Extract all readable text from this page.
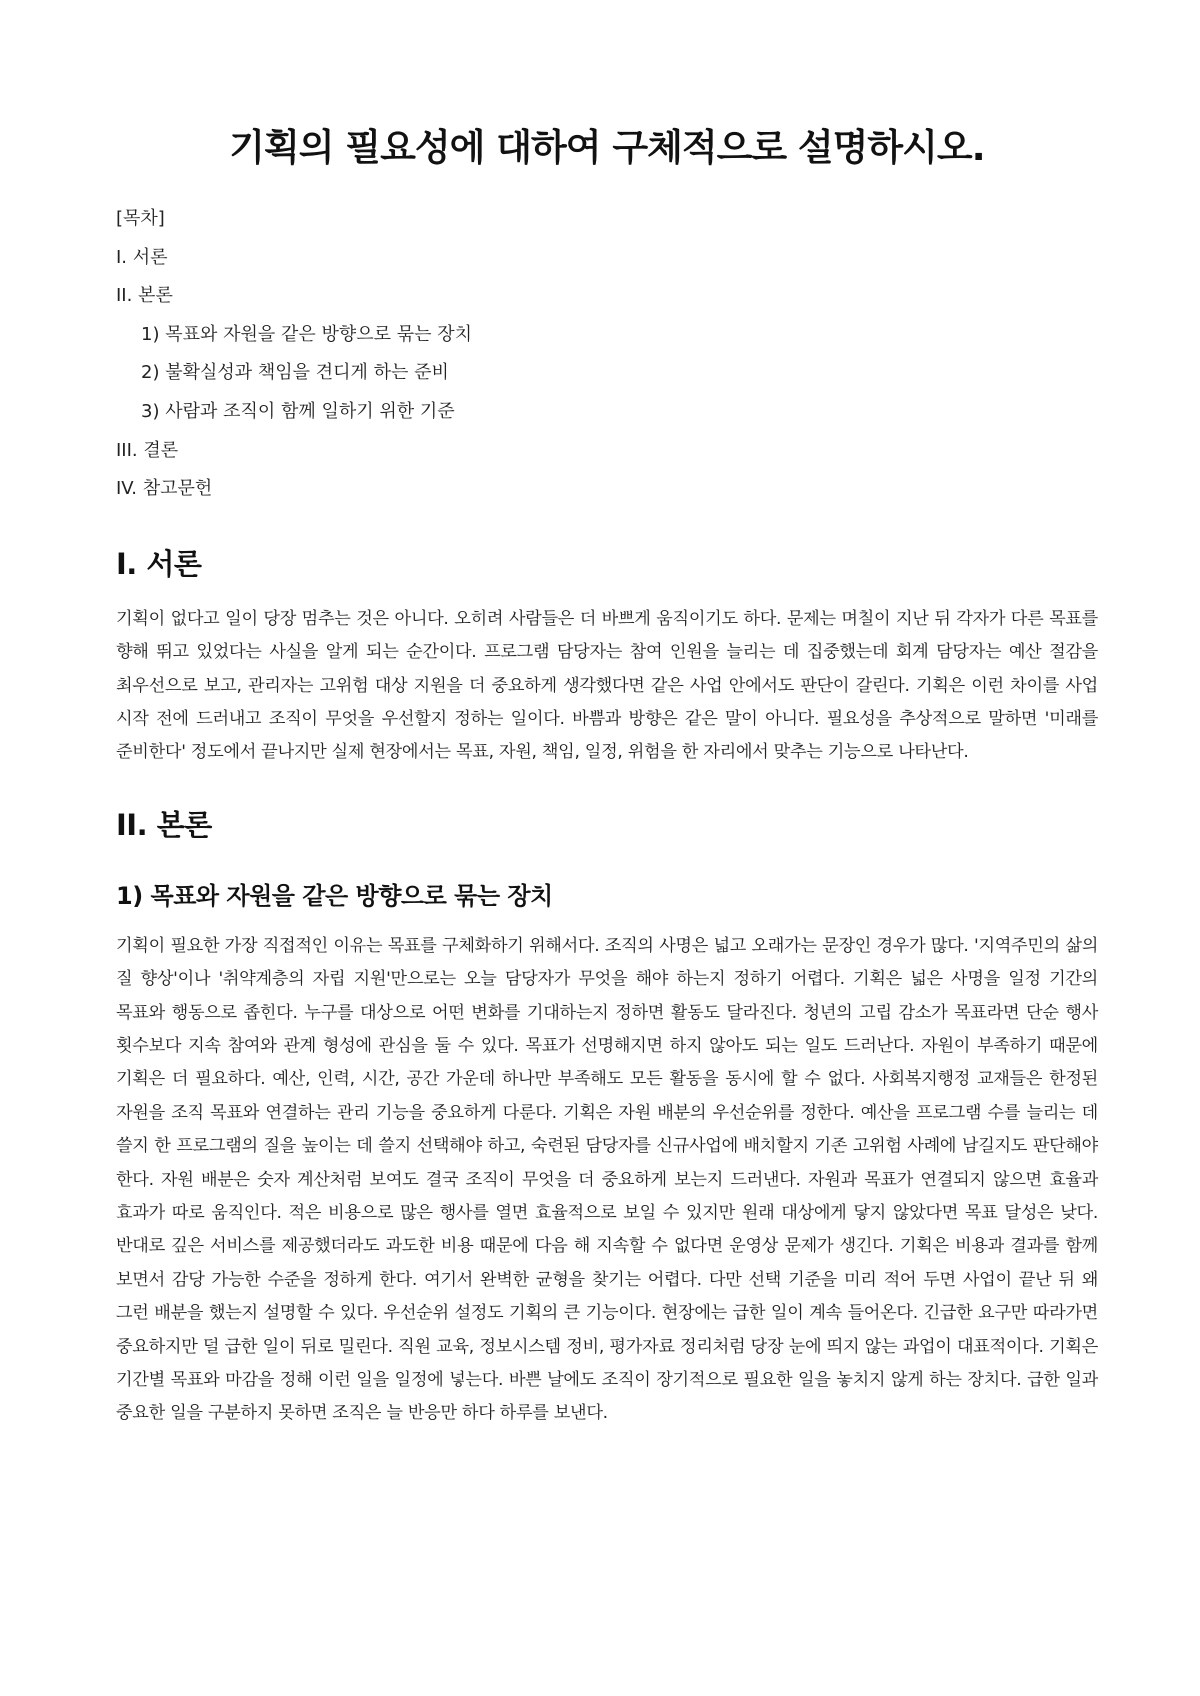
기획의 필요성에 대하여 구체적으로 설명하시오.
[목차]
I. 서론
II. 본론
1) 목표와 자원을 같은 방향으로 묶는 장치
2) 불확실성과 책임을 견디게 하는 준비
3) 사람과 조직이 함께 일하기 위한 기준
III. 결론
IV. 참고문헌
I. 서론

기획이 없다고 일이 당장 멈추는 것은 아니다. 오히려 사람들은 더 바쁘게 움직이기도 하다. 문제는 며칠이 지난 뒤 각자가 다른 목표를 향해 뛰고 있었다는 사실을 알게 되는 순간이다. 프로그램 담당자는 참여 인원을 늘리는 데 집중했는데 회계 담당자는 예산 절감을 최우선으로 보고, 관리자는 고위험 대상 지원을 더 중요하게 생각했다면 같은 사업 안에서도 판단이 갈린다. 기획은 이런 차이를 사업 시작 전에 드러내고 조직이 무엇을 우선할지 정하는 일이다. 바쁨과 방향은 같은 말이 아니다. 필요성을 추상적으로 말하면 '미래를 준비한다' 정도에서 끝나지만 실제 현장에서는 목표, 자원, 책임, 일정, 위험을 한 자리에서 맞추는 기능으로 나타난다.

II. 본론
1) 목표와 자원을 같은 방향으로 묶는 장치

기획이 필요한 가장 직접적인 이유는 목표를 구체화하기 위해서다. 조직의 사명은 넓고 오래가는 문장인 경우가 많다. '지역주민의 삶의 질 향상'이나 '취약계층의 자립 지원'만으로는 오늘 담당자가 무엇을 해야 하는지 정하기 어렵다. 기획은 넓은 사명을 일정 기간의 목표와 행동으로 좁힌다. 누구를 대상으로 어떤 변화를 기대하는지 정하면 활동도 달라진다. 청년의 고립 감소가 목표라면 단순 행사 횟수보다 지속 참여와 관계 형성에 관심을 둘 수 있다. 목표가 선명해지면 하지 않아도 되는 일도 드러난다. 자원이 부족하기 때문에 기획은 더 필요하다. 예산, 인력, 시간, 공간 가운데 하나만 부족해도 모든 활동을 동시에 할 수 없다. 사회복지행정 교재들은 한정된 자원을 조직 목표와 연결하는 관리 기능을 중요하게 다룬다. 기획은 자원 배분의 우선순위를 정한다. 예산을 프로그램 수를 늘리는 데 쓸지 한 프로그램의 질을 높이는 데 쓸지 선택해야 하고, 숙련된 담당자를 신규사업에 배치할지 기존 고위험 사례에 남길지도 판단해야 한다. 자원 배분은 숫자 계산처럼 보여도 결국 조직이 무엇을 더 중요하게 보는지 드러낸다. 자원과 목표가 연결되지 않으면 효율과 효과가 따로 움직인다. 적은 비용으로 많은 행사를 열면 효율적으로 보일 수 있지만 원래 대상에게 닿지 않았다면 목표 달성은 낮다. 반대로 깊은 서비스를 제공했더라도 과도한 비용 때문에 다음 해 지속할 수 없다면 운영상 문제가 생긴다. 기획은 비용과 결과를 함께 보면서 감당 가능한 수준을 정하게 한다. 여기서 완벽한 균형을 찾기는 어렵다. 다만 선택 기준을 미리 적어 두면 사업이 끝난 뒤 왜 그런 배분을 했는지 설명할 수 있다. 우선순위 설정도 기획의 큰 기능이다. 현장에는 급한 일이 계속 들어온다. 긴급한 요구만 따라가면 중요하지만 덜 급한 일이 뒤로 밀린다. 직원 교육, 정보시스템 정비, 평가자료 정리처럼 당장 눈에 띄지 않는 과업이 대표적이다. 기획은 기간별 목표와 마감을 정해 이런 일을 일정에 넣는다. 바쁜 날에도 조직이 장기적으로 필요한 일을 놓치지 않게 하는 장치다. 급한 일과 중요한 일을 구분하지 못하면 조직은 늘 반응만 하다 하루를 보낸다.
